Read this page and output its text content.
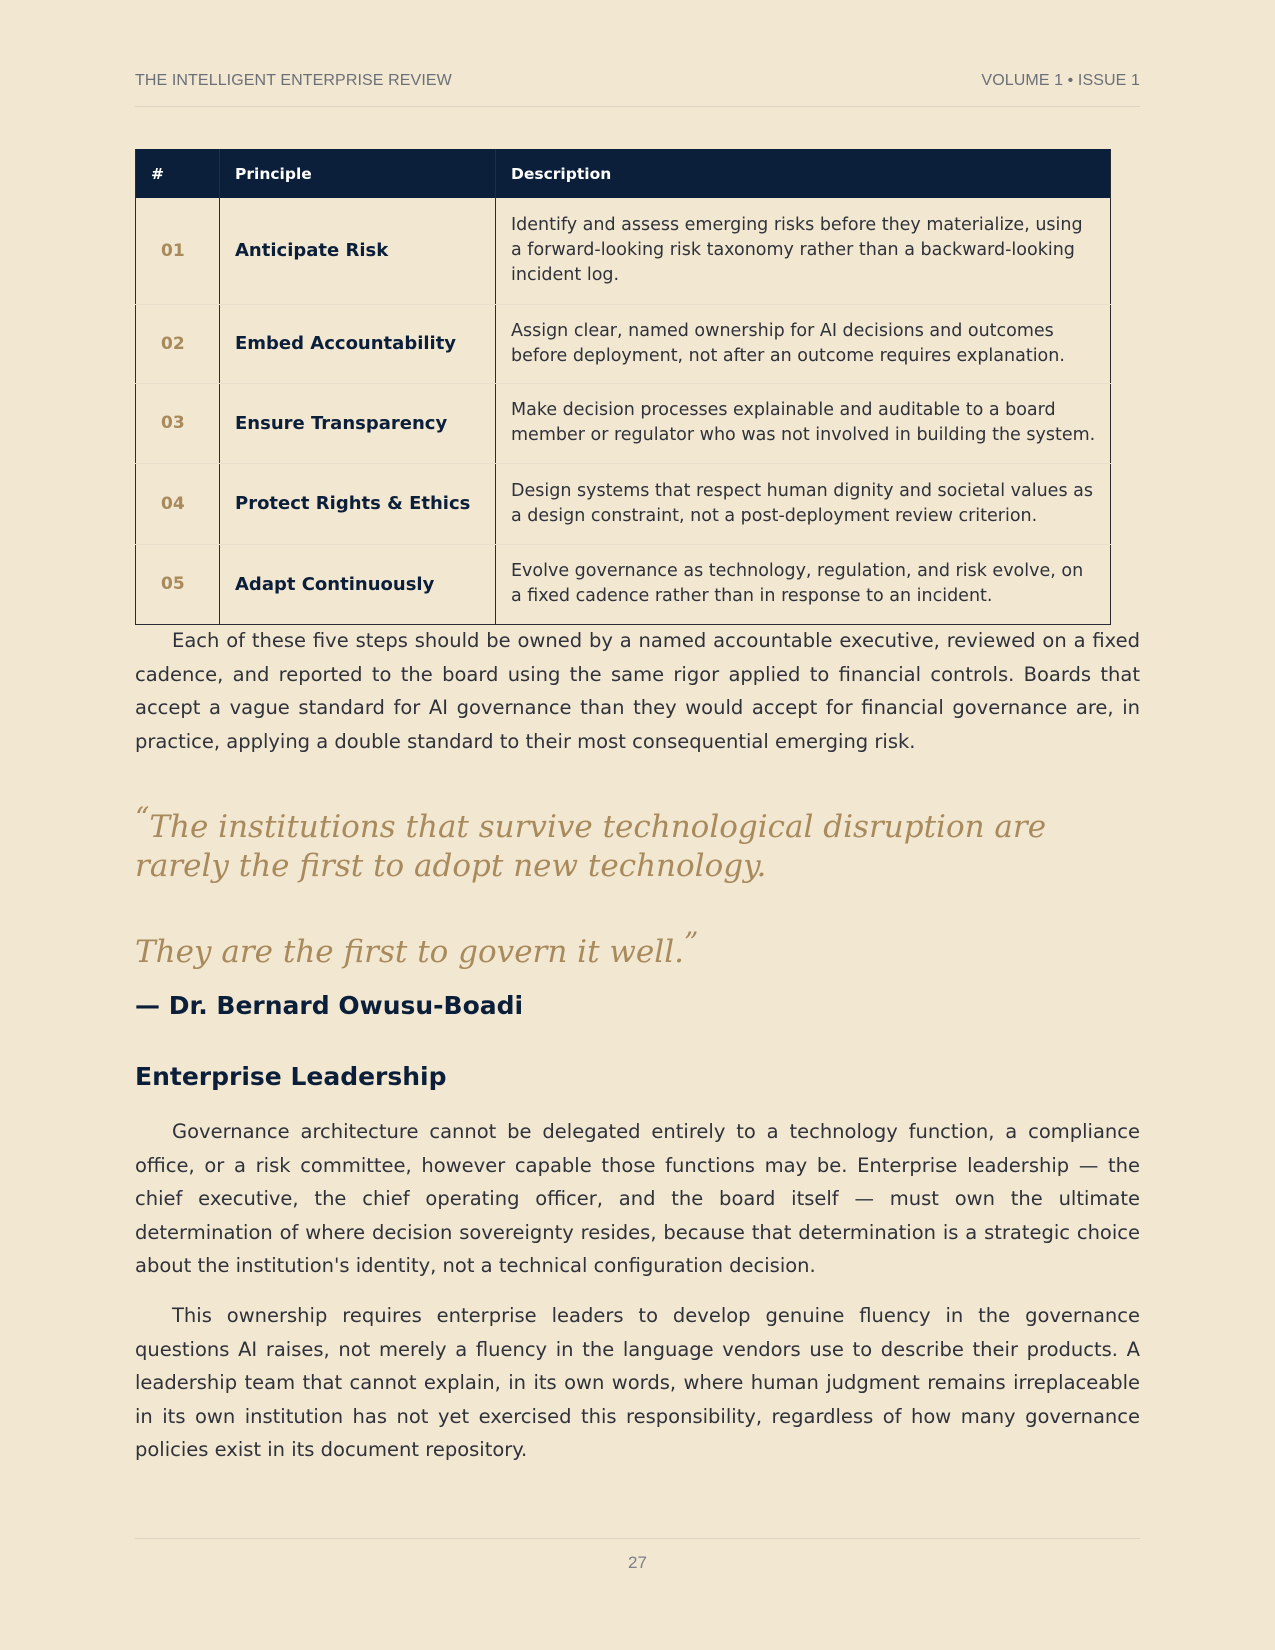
THE INTELLIGENT ENTERPRISE REVIEW	VOLUME 1 • ISSUE 1
#	Principle	Description
01	Anticipate Risk	Identify and assess emerging risks before they materialize, using a forward-looking risk taxonomy rather than a backward-looking incident log.
02	Embed Accountability	Assign clear, named ownership for AI decisions and outcomes before deployment, not after an outcome requires explanation.
03	Ensure Transparency	Make decision processes explainable and auditable to a board member or regulator who was not involved in building the system.
04	Protect Rights & Ethics	Design systems that respect human dignity and societal values as a design constraint, not a post-deployment review criterion.
05	Adapt Continuously	Evolve governance as technology, regulation, and risk evolve, on a fixed cadence rather than in response to an incident.

Each of these five steps should be owned by a named accountable executive, reviewed on a fixed cadence, and reported to the board using the same rigor applied to financial controls. Boards that accept a vague standard for AI governance than they would accept for financial governance are, in practice, applying a double standard to their most consequential emerging risk.

“The institutions that survive technological disruption are rarely the first to adopt new technology.
They are the first to govern it well.”
— Dr. Bernard Owusu-Boadi
Enterprise Leadership

Governance architecture cannot be delegated entirely to a technology function, a compliance office, or a risk committee, however capable those functions may be. Enterprise leadership — the chief executive, the chief operating officer, and the board itself — must own the ultimate determination of where decision sovereignty resides, because that determination is a strategic choice about the institution's identity, not a technical configuration decision.

This ownership requires enterprise leaders to develop genuine fluency in the governance questions AI raises, not merely a fluency in the language vendors use to describe their products. A leadership team that cannot explain, in its own words, where human judgment remains irreplaceable in its own institution has not yet exercised this responsibility, regardless of how many governance policies exist in its document repository.

27
